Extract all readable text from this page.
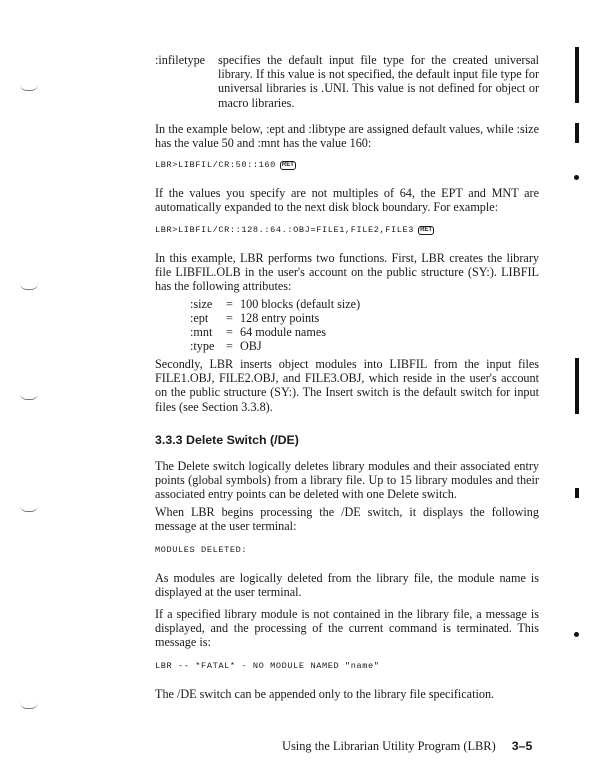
:infiletype specifies the default input file type for the created universal library. If this value is not specified, the default input file type for universal libraries is .UNI. This value is not defined for object or macro libraries.
In the example below, :ept and :libtype are assigned default values, while :size has the value 50 and :mnt has the value 160:
LBR>LIBFIL/CR:50::160 RET
If the values you specify are not multiples of 64, the EPT and MNT are automatically expanded to the next disk block boundary. For example:
LBR>LIBFIL/CR::128.:64.:OBJ=FILE1,FILE2,FILE3 RET
In this example, LBR performs two functions. First, LBR creates the library file LIBFIL.OLB in the user's account on the public structure (SY:). LIBFIL has the following attributes:
:size = 100 blocks (default size)
:ept = 128 entry points
:mnt = 64 module names
:type = OBJ
Secondly, LBR inserts object modules into LIBFIL from the input files FILE1.OBJ, FILE2.OBJ, and FILE3.OBJ, which reside in the user's account on the public structure (SY:). The Insert switch is the default switch for input files (see Section 3.3.8).
3.3.3 Delete Switch (/DE)
The Delete switch logically deletes library modules and their associated entry points (global symbols) from a library file. Up to 15 library modules and their associated entry points can be deleted with one Delete switch.
When LBR begins processing the /DE switch, it displays the following message at the user terminal:
MODULES DELETED:
As modules are logically deleted from the library file, the module name is displayed at the user terminal.
If a specified library module is not contained in the library file, a message is displayed, and the processing of the current command is terminated. This message is:
LBR -- *FATAL* - NO MODULE NAMED "name"
The /DE switch can be appended only to the library file specification.
Using the Librarian Utility Program (LBR) 3–5
